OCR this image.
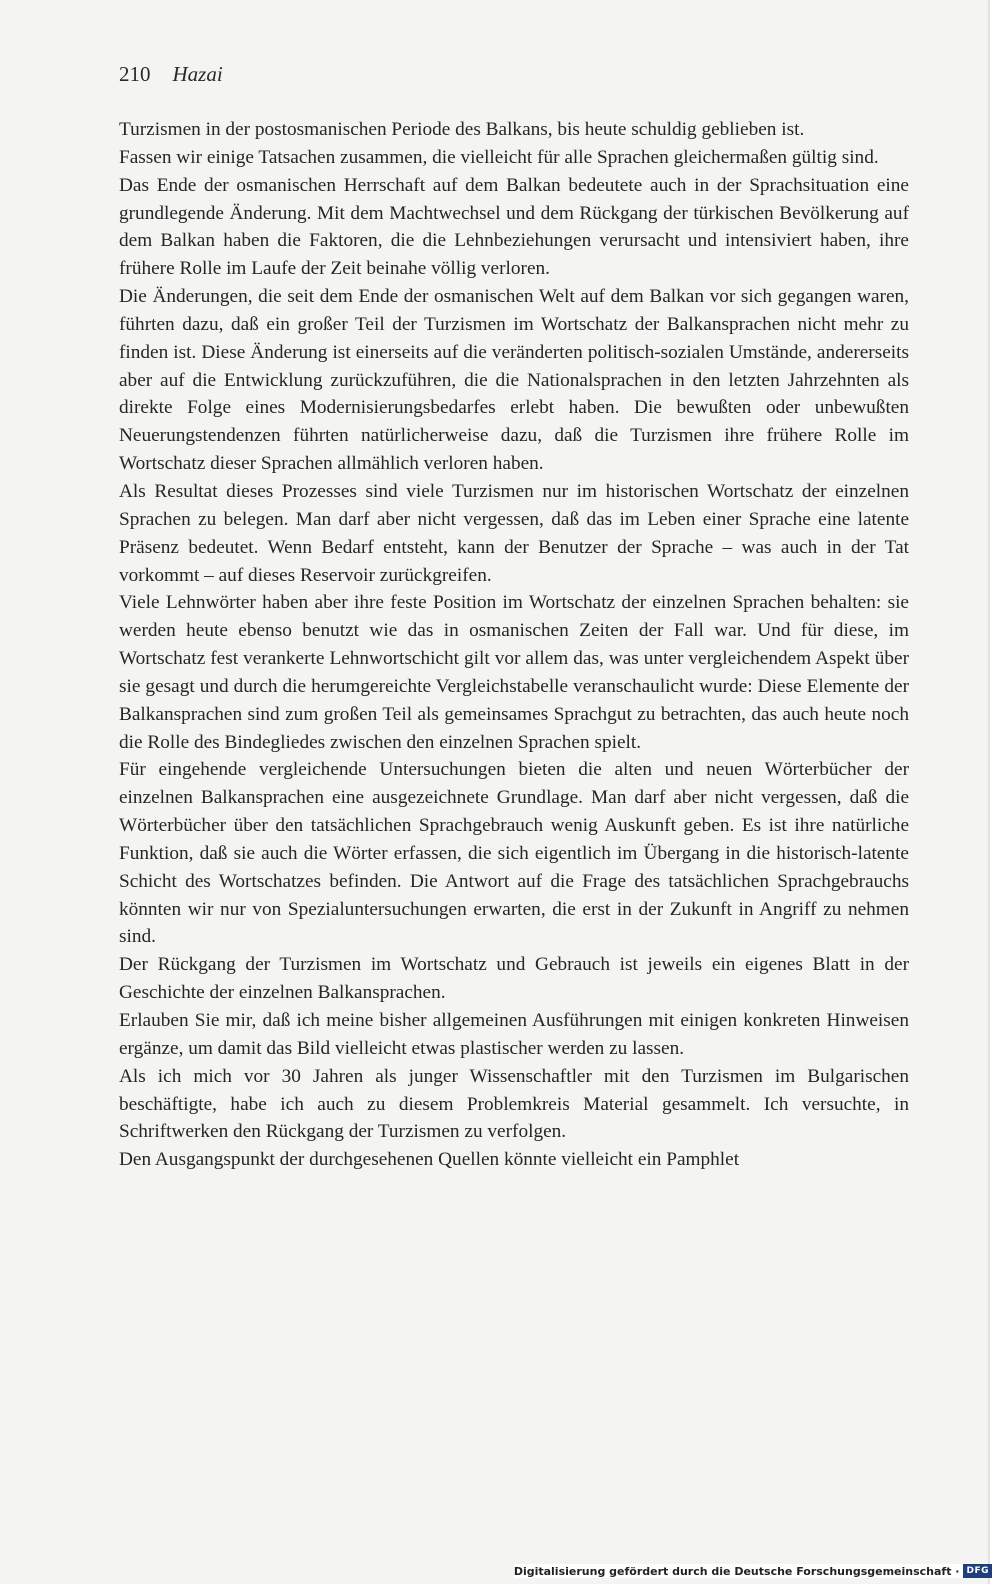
210 Hazai

Turzismen in der postosmanischen Periode des Balkans, bis heute schuldig geblieben ist.

Fassen wir einige Tatsachen zusammen, die vielleicht für alle Sprachen gleichermaßen gültig sind.

Das Ende der osmanischen Herrschaft auf dem Balkan bedeutete auch in der Sprachsituation eine grundlegende Änderung. Mit dem Machtwechsel und dem Rückgang der türkischen Bevölkerung auf dem Balkan haben die Faktoren, die die Lehnbeziehungen verursacht und intensiviert haben, ihre frühere Rolle im Laufe der Zeit beinahe völlig verloren.

Die Änderungen, die seit dem Ende der osmanischen Welt auf dem Balkan vor sich gegangen waren, führten dazu, daß ein großer Teil der Turzismen im Wortschatz der Balkansprachen nicht mehr zu finden ist. Diese Änderung ist einerseits auf die veränderten politisch-sozialen Umstände, andererseits aber auf die Entwicklung zurückzuführen, die die Nationalsprachen in den letzten Jahrzehnten als direkte Folge eines Modernisierungsbedarfes erlebt haben. Die bewußten oder unbewußten Neuerungstendenzen führten natürlicherweise dazu, daß die Turzismen ihre frühere Rolle im Wortschatz dieser Sprachen allmählich verloren haben.

Als Resultat dieses Prozesses sind viele Turzismen nur im historischen Wortschatz der einzelnen Sprachen zu belegen. Man darf aber nicht vergessen, daß das im Leben einer Sprache eine latente Präsenz bedeutet. Wenn Bedarf entsteht, kann der Benutzer der Sprache – was auch in der Tat vorkommt – auf dieses Reservoir zurückgreifen.

Viele Lehnwörter haben aber ihre feste Position im Wortschatz der einzelnen Sprachen behalten: sie werden heute ebenso benutzt wie das in osmanischen Zeiten der Fall war. Und für diese, im Wortschatz fest verankerte Lehnwortschicht gilt vor allem das, was unter vergleichendem Aspekt über sie gesagt und durch die herumgereichte Vergleichstabelle veranschaulicht wurde: Diese Elemente der Balkansprachen sind zum großen Teil als gemeinsames Sprachgut zu betrachten, das auch heute noch die Rolle des Bindegliedes zwischen den einzelnen Sprachen spielt.

Für eingehende vergleichende Untersuchungen bieten die alten und neuen Wörterbücher der einzelnen Balkansprachen eine ausgezeichnete Grundlage. Man darf aber nicht vergessen, daß die Wörterbücher über den tatsächlichen Sprachgebrauch wenig Auskunft geben. Es ist ihre natürliche Funktion, daß sie auch die Wörter erfassen, die sich eigentlich im Übergang in die historisch-latente Schicht des Wortschatzes befinden. Die Antwort auf die Frage des tatsächlichen Sprachgebrauchs könnten wir nur von Spezialuntersuchungen erwarten, die erst in der Zukunft in Angriff zu nehmen sind.

Der Rückgang der Turzismen im Wortschatz und Gebrauch ist jeweils ein eigenes Blatt in der Geschichte der einzelnen Balkansprachen.

Erlauben Sie mir, daß ich meine bisher allgemeinen Ausführungen mit einigen konkreten Hinweisen ergänze, um damit das Bild vielleicht etwas plastischer werden zu lassen.

Als ich mich vor 30 Jahren als junger Wissenschaftler mit den Turzismen im Bulgarischen beschäftigte, habe ich auch zu diesem Problemkreis Material gesammelt. Ich versuchte, in Schriftwerken den Rückgang der Turzismen zu verfolgen.

Den Ausgangspunkt der durchgesehenen Quellen könnte vielleicht ein Pamphlet

Digitalisierung gefördert durch die Deutsche Forschungsgemeinschaft · DFG
